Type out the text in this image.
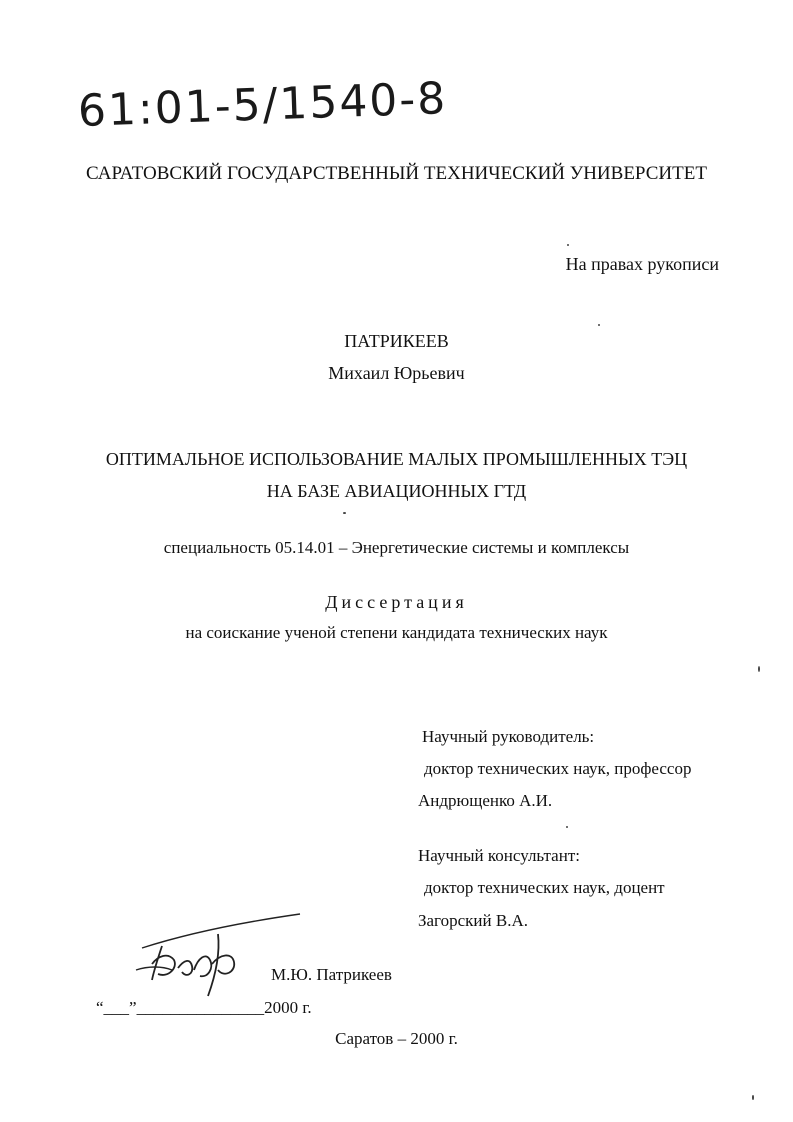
61:01-5/1540-8
САРАТОВСКИЙ ГОСУДАРСТВЕННЫЙ ТЕХНИЧЕСКИЙ УНИВЕРСИТЕТ
На правах рукописи
ПАТРИКЕЕВ
Михаил Юрьевич
ОПТИМАЛЬНОЕ ИСПОЛЬЗОВАНИЕ МАЛЫХ ПРОМЫШЛЕННЫХ ТЭЦ
НА БАЗЕ АВИАЦИОННЫХ ГТД
специальность 05.14.01 – Энергетические системы и комплексы
Диссертация
на соискание ученой степени кандидата технических наук
Научный руководитель:
доктор технических наук, профессор
Андрющенко А.И.
Научный консультант:
доктор технических наук, доцент
Загорский В.А.
М.Ю. Патрикеев
“___”_______________2000 г.
Саратов – 2000 г.
